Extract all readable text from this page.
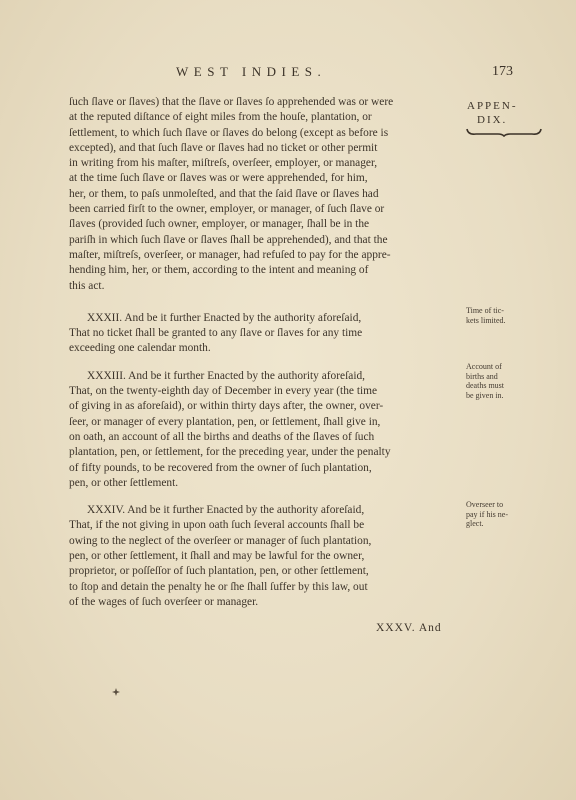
WEST INDIES.	173
APPEN-
DIX.

ſuch ſlave or ſlaves) that the ſlave or ſlaves ſo apprehended was or were

at the reputed diſtance of eight miles from the houſe, plantation, or

ſettlement, to which ſuch ſlave or ſlaves do belong (except as before is

excepted), and that ſuch ſlave or ſlaves had no ticket or other permit

in writing from his maſter, miſtreſs, overſeer, employer, or manager,

at the time ſuch ſlave or ſlaves was or were apprehended, for him,

her, or them, to paſs unmoleſted, and that the ſaid ſlave or ſlaves had

been carried firſt to the owner, employer, or manager, of ſuch ſlave or

ſlaves (provided ſuch owner, employer, or manager, ſhall be in the

pariſh in which ſuch ſlave or ſlaves ſhall be apprehended), and that the

maſter, miſtreſs, overſeer, or manager, had refuſed to pay for the appre-

hending him, her, or them, according to the intent and meaning of

this act.

XXXII. And be it further Enacted by the authority aforeſaid,

That no ticket ſhall be granted to any ſlave or ſlaves for any time

exceeding one calendar month.

XXXIII. And be it further Enacted by the authority aforeſaid,

That, on the twenty-eighth day of December in every year (the time

of giving in as aforeſaid), or within thirty days after, the owner, over-

ſeer, or manager of every plantation, pen, or ſettlement, ſhall give in,

on oath, an account of all the births and deaths of the ſlaves of ſuch

plantation, pen, or ſettlement, for the preceding year, under the penalty

of fifty pounds, to be recovered from the owner of ſuch plantation,

pen, or other ſettlement.

XXXIV. And be it further Enacted by the authority aforeſaid,

That, if the not giving in upon oath ſuch ſeveral accounts ſhall be

owing to the neglect of the overſeer or manager of ſuch plantation,

pen, or other ſettlement, it ſhall and may be lawful for the owner,

proprietor, or poſſeſſor of ſuch plantation, pen, or other ſettlement,

to ſtop and detain the penalty he or ſhe ſhall ſuffer by this law, out

of the wages of ſuch overſeer or manager.

Time of tic-
kets limited.
Account of
births and
deaths must
be given in.
Overseer to
pay if his ne-
glect.
XXXV. And
